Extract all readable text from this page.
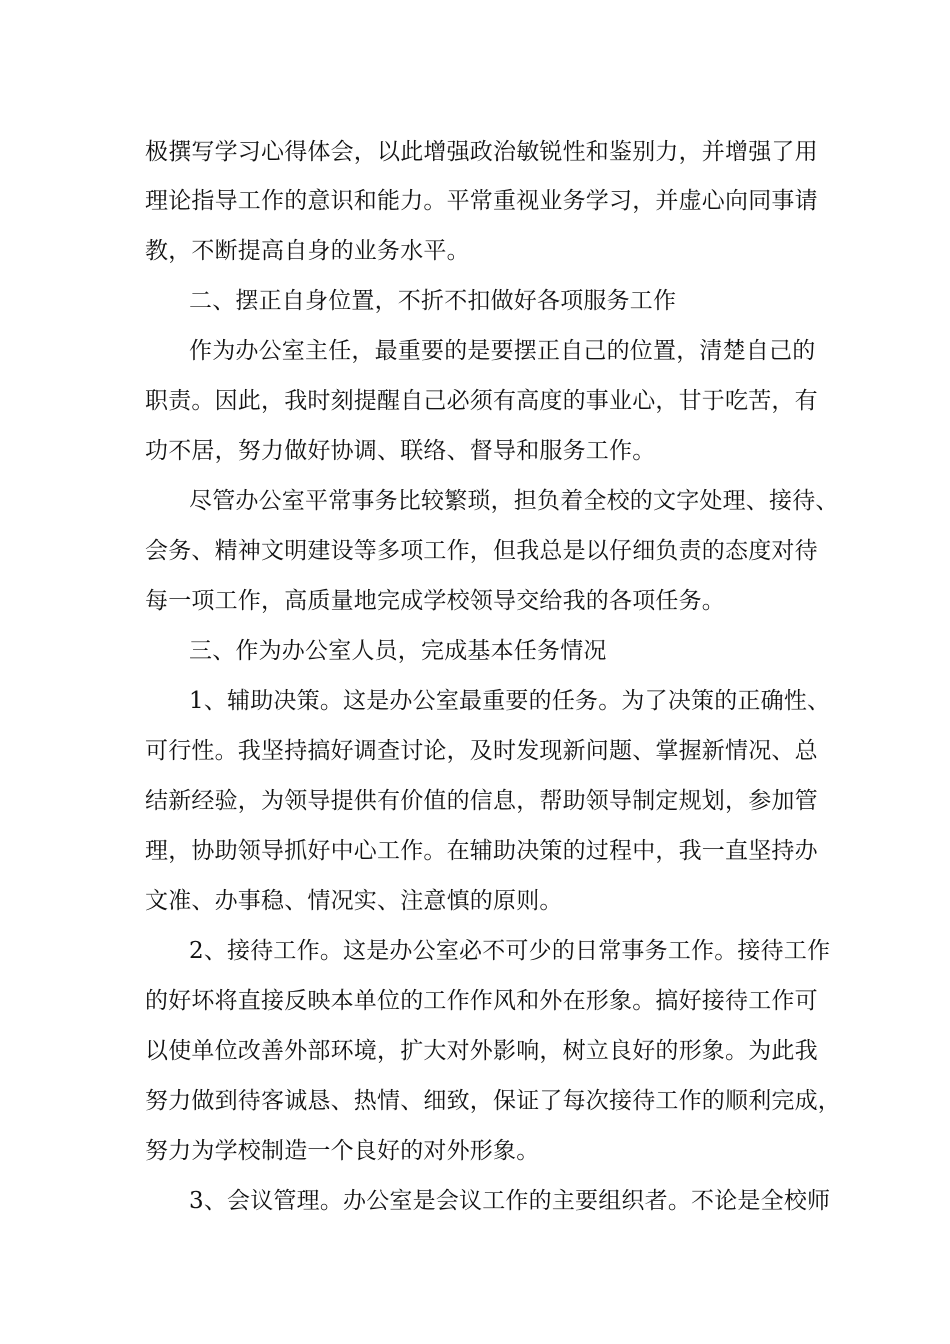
极撰写学习心得体会，以此增强政治敏锐性和鉴别力，并增强了用
理论指导工作的意识和能力。平常重视业务学习，并虚心向同事请
教，不断提高自身的业务水平。
二、摆正自身位置，不折不扣做好各项服务工作
作为办公室主任，最重要的是要摆正自己的位置，清楚自己的
职责。因此，我时刻提醒自己必须有高度的事业心，甘于吃苦，有
功不居，努力做好协调、联络、督导和服务工作。
尽管办公室平常事务比较繁琐，担负着全校的文字处理、接待、
会务、精神文明建设等多项工作，但我总是以仔细负责的态度对待
每一项工作，高质量地完成学校领导交给我的各项任务。
三、作为办公室人员，完成基本任务情况
1、辅助决策。这是办公室最重要的任务。为了决策的正确性、
可行性。我坚持搞好调查讨论，及时发现新问题、掌握新情况、总
结新经验，为领导提供有价值的信息，帮助领导制定规划，参加管
理，协助领导抓好中心工作。在辅助决策的过程中，我一直坚持办
文准、办事稳、情况实、注意慎的原则。
2、接待工作。这是办公室必不可少的日常事务工作。接待工作
的好坏将直接反映本单位的工作作风和外在形象。搞好接待工作可
以使单位改善外部环境，扩大对外影响，树立良好的形象。为此我
努力做到待客诚恳、热情、细致，保证了每次接待工作的顺利完成，
努力为学校制造一个良好的对外形象。
3、会议管理。办公室是会议工作的主要组织者。不论是全校师
